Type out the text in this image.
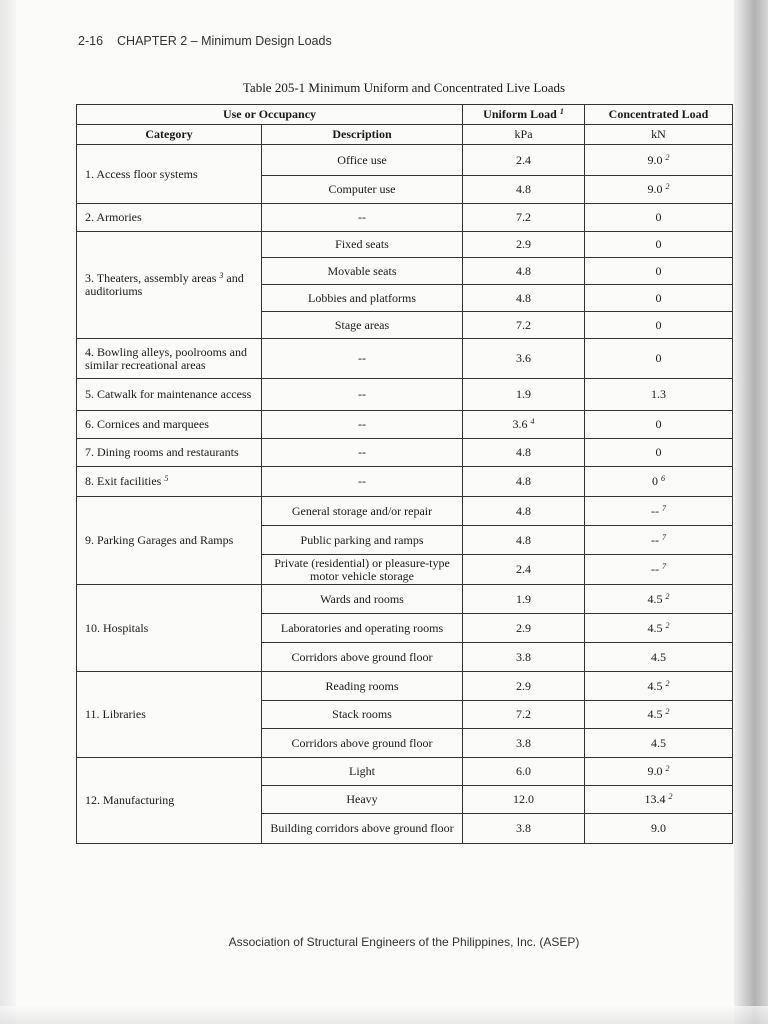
2-16 CHAPTER 2 – Minimum Design Loads
Table 205-1 Minimum Uniform and Concentrated Live Loads
Use or Occupancy		Uniform Load $^1$	Concentrated Load
Category	Description	kPa	kN
1. Access floor systems	Office use	2.4	9.0 $^2$
	Computer use	4.8	9.0 $^2$
2. Armories	--	7.2	0
3. Theaters, assembly areas $^3$ and auditoriums	Fixed seats	2.9	0
	Movable seats	4.8	0
	Lobbies and platforms	4.8	0
	Stage areas	7.2	0
4. Bowling alleys, poolrooms and similar recreational areas	--	3.6	0
5. Catwalk for maintenance access	--	1.9	1.3
6. Cornices and marquees	--	3.6 $^4$	0
7. Dining rooms and restaurants	--	4.8	0
8. Exit facilities $^5$	--	4.8	0 $^6$
9. Parking Garages and Ramps	General storage and/or repair	4.8	-- $^7$
	Public parking and ramps	4.8	-- $^7$
	Private (residential) or pleasure-type motor vehicle storage	2.4	-- $^7$
10. Hospitals	Wards and rooms	1.9	4.5 $^2$
	Laboratories and operating rooms	2.9	4.5 $^2$
	Corridors above ground floor	3.8	4.5
11. Libraries	Reading rooms	2.9	4.5 $^2$
	Stack rooms	7.2	4.5 $^2$
	Corridors above ground floor	3.8	4.5
12. Manufacturing	Light	6.0	9.0 $^2$
	Heavy	12.0	13.4 $^2$
	Building corridors above ground floor	3.8	9.0
Association of Structural Engineers of the Philippines, Inc. (ASEP)
